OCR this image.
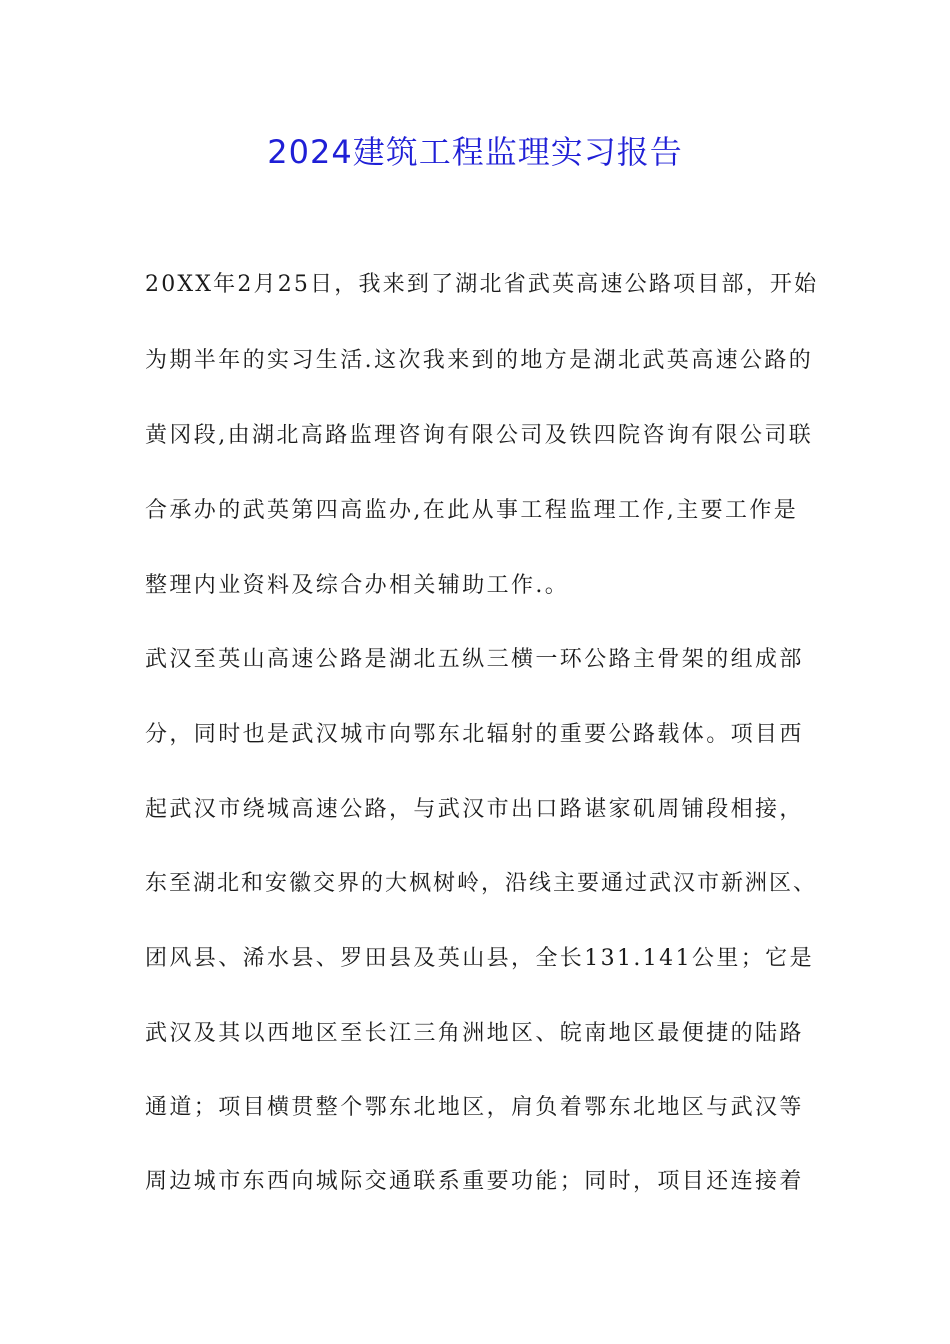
2024建筑工程监理实习报告
20XX年2月25日，我来到了湖北省武英高速公路项目部，开始
为期半年的实习生活.这次我来到的地方是湖北武英高速公路的
黄冈段,由湖北高路监理咨询有限公司及铁四院咨询有限公司联
合承办的武英第四高监办,在此从事工程监理工作,主要工作是
整理内业资料及综合办相关辅助工作.。
武汉至英山高速公路是湖北五纵三横一环公路主骨架的组成部
分，同时也是武汉城市向鄂东北辐射的重要公路载体。项目西
起武汉市绕城高速公路，与武汉市出口路谌家矶周铺段相接，
东至湖北和安徽交界的大枫树岭，沿线主要通过武汉市新洲区、
团风县、浠水县、罗田县及英山县，全长131.141公里；它是
武汉及其以西地区至长江三角洲地区、皖南地区最便捷的陆路
通道；项目横贯整个鄂东北地区，肩负着鄂东北地区与武汉等
周边城市东西向城际交通联系重要功能；同时，项目还连接着
